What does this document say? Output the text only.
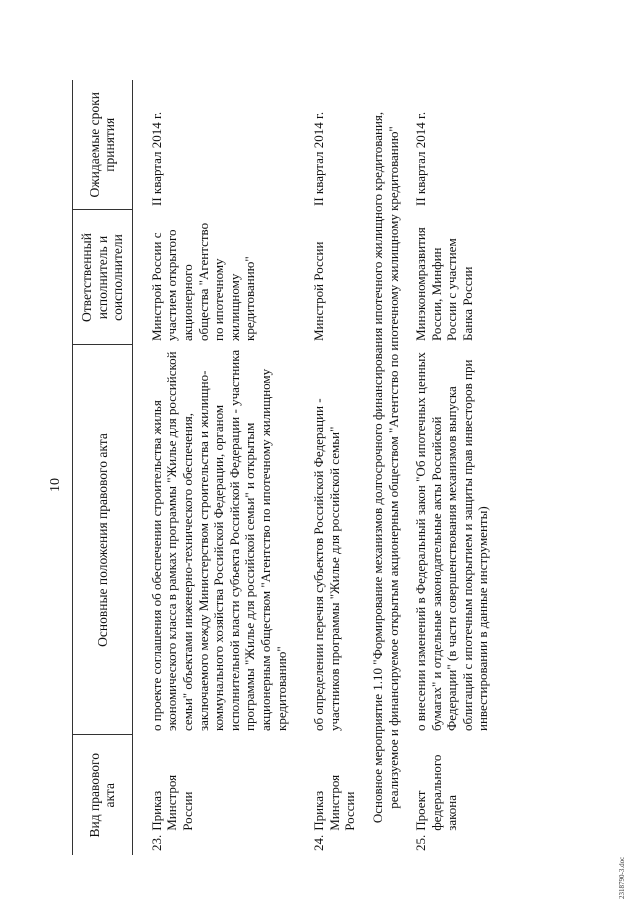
10
Вид правового акта	Основные положения правового акта	Ответственный исполнитель и соисполнители	Ожидаемые сроки принятия

23.
Приказ Минстроя России	о проекте соглашения об обеспечении строительства жилья экономического класса в рамках программы "Жилье для российской семьи" объектами инженерно-технического обеспечения, заключаемого между Министерством строительства и жилищно-коммунального хозяйства Российской Федерации, органом исполнительной власти субъекта Российской Федерации - участника программы "Жилье для российской семьи" и открытым акционерным обществом "Агентство по ипотечному жилищному кредитованию"	Минстрой России с участием открытого акционерного общества "Агентство по ипотечному жилищному кредитованию"	II квартал 2014 г.

24.
Приказ Минстроя России	об определении перечня субъектов Российской Федерации - участников программы "Жилье для российской семьи"	Минстрой России	II квартал 2014 г.
Основное мероприятие 1.10 "Формирование механизмов долгосрочного финансирования ипотечного жилищного кредитования, реализуемое и финансируемое открытым акционерным обществом "Агентство по ипотечному жилищному кредитованию"			

25.
Проект федерального закона	о внесении изменений в Федеральный закон "Об ипотечных ценных бумагах" и отдельные законодательные акты Российской Федерации" (в части совершенствования механизмов выпуска облигаций с ипотечным покрытием и защиты прав инвесторов при инвестировании в данные инструменты)	Минэкономразвития России, Минфин России с участием Банка России	II квартал 2014 г.
2318790-3.doc
